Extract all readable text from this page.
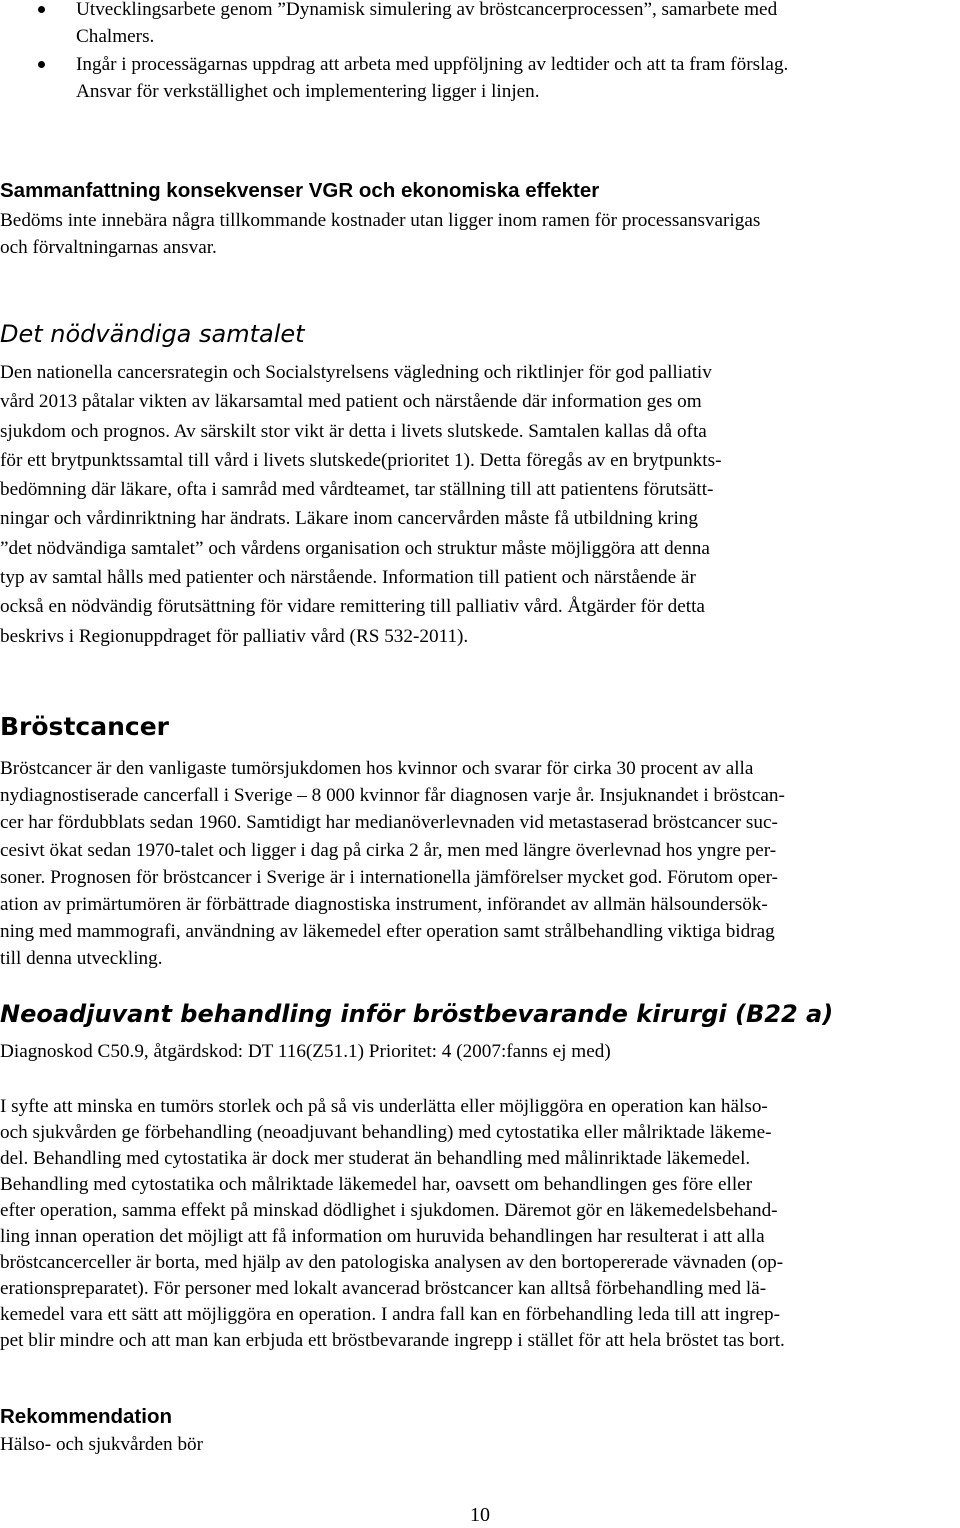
Utvecklingsarbete genom ”Dynamisk simulering av bröstcancerprocessen”, samarbete med
Chalmers.
Ingår i processägarnas uppdrag att arbeta med uppföljning av ledtider och att ta fram förslag.
Ansvar för verkställighet och implementering ligger i linjen.
Sammanfattning konsekvenser VGR och ekonomiska effekter

Bedöms inte innebära några tillkommande kostnader utan ligger inom ramen för processansvarigas
och förvaltningarnas ansvar.

Det nödvändiga samtalet

Den nationella cancersrategin och Socialstyrelsens vägledning och riktlinjer för god palliativ
vård 2013 påtalar vikten av läkarsamtal med patient och närstående där information ges om
sjukdom och prognos. Av särskilt stor vikt är detta i livets slutskede. Samtalen kallas då ofta
för ett brytpunktssamtal till vård i livets slutskede(prioritet 1). Detta föregås av en brytpunkts-
bedömning där läkare, ofta i samråd med vårdteamet, tar ställning till att patientens förutsätt-
ningar och vårdinriktning har ändrats. Läkare inom cancervården måste få utbildning kring
”det nödvändiga samtalet” och vårdens organisation och struktur måste möjliggöra att denna
typ av samtal hålls med patienter och närstående. Information till patient och närstående är
också en nödvändig förutsättning för vidare remittering till palliativ vård. Åtgärder för detta
beskrivs i Regionuppdraget för palliativ vård (RS 532-2011).

Bröstcancer

Bröstcancer är den vanligaste tumörsjukdomen hos kvinnor och svarar för cirka 30 procent av alla
nydiagnostiserade cancerfall i Sverige – 8 000 kvinnor får diagnosen varje år. Insjuknandet i bröstcan-
cer har fördubblats sedan 1960. Samtidigt har medianöverlevnaden vid metastaserad bröstcancer suc-
cesivt ökat sedan 1970-talet och ligger i dag på cirka 2 år, men med längre överlevnad hos yngre per-
soner. Prognosen för bröstcancer i Sverige är i internationella jämförelser mycket god. Förutom oper-
ation av primärtumören är förbättrade diagnostiska instrument, införandet av allmän hälsoundersök-
ning med mammografi, användning av läkemedel efter operation samt strålbehandling viktiga bidrag
till denna utveckling.

Neoadjuvant behandling inför bröstbevarande kirurgi (B22 a)

Diagnoskod C50.9, åtgärdskod: DT 116(Z51.1) Prioritet: 4 (2007:fanns ej med)

I syfte att minska en tumörs storlek och på så vis underlätta eller möjliggöra en operation kan hälso-
och sjukvården ge förbehandling (neoadjuvant behandling) med cytostatika eller målriktade läkeme-
del. Behandling med cytostatika är dock mer studerat än behandling med målinriktade läkemedel.
Behandling med cytostatika och målriktade läkemedel har, oavsett om behandlingen ges före eller
efter operation, samma effekt på minskad dödlighet i sjukdomen. Däremot gör en läkemedelsbehand-
ling innan operation det möjligt att få information om huruvida behandlingen har resulterat i att alla
bröstcancerceller är borta, med hjälp av den patologiska analysen av den bortopererade vävnaden (op-
erationspreparatet). För personer med lokalt avancerad bröstcancer kan alltså förbehandling med lä-
kemedel vara ett sätt att möjliggöra en operation. I andra fall kan en förbehandling leda till att ingrep-
pet blir mindre och att man kan erbjuda ett bröstbevarande ingrepp i stället för att hela bröstet tas bort.

Rekommendation

Hälso- och sjukvården bör

10
